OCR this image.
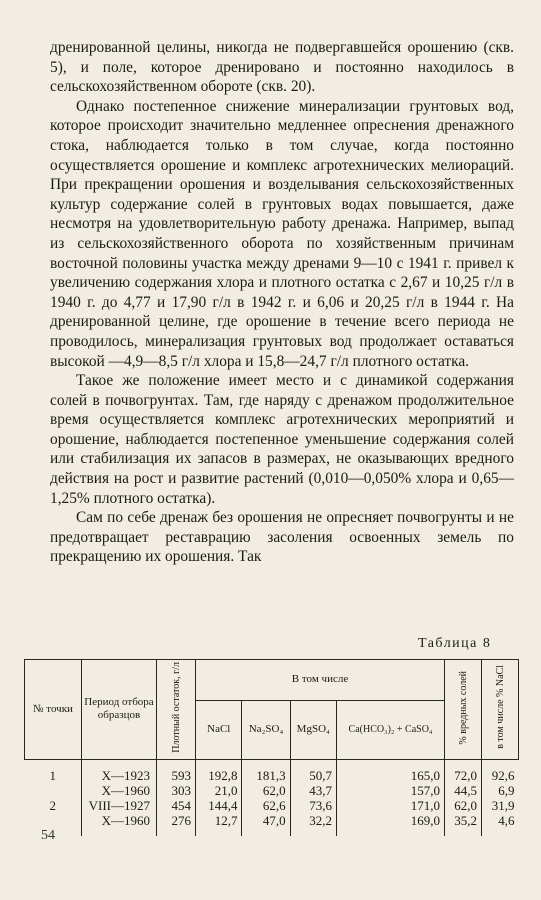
дренированной целины, никогда не подвергавшейся орошению (скв. 5), и поле, которое дренировано и постоянно находилось в сельскохозяйственном обороте (скв. 20).

Однако постепенное снижение минерализации грунтовых вод, которое происходит значительно медленнее опреснения дренажного стока, наблюдается только в том случае, когда постоянно осуществляется орошение и комплекс агротехнических мелиораций. При прекращении орошения и возделывания сельскохозяйственных культур содержание солей в грунтовых водах повышается, даже несмотря на удовлетворительную работу дренажа. Например, выпад из сельскохозяйственного оборота по хозяйственным причинам восточной половины участка между дренами 9—10 с 1941 г. привел к увеличению содержания хлора и плотного остатка с 2,67 и 10,25 г/л в 1940 г. до 4,77 и 17,90 г/л в 1942 г. и 6,06 и 20,25 г/л в 1944 г. На дренированной целине, где орошение в течение всего периода не проводилось, минерализация грунтовых вод продолжает оставаться высокой —4,9—8,5 г/л хлора и 15,8—24,7 г/л плотного остатка.

Такое же положение имеет место и с динамикой содержания солей в почвогрунтах. Там, где наряду с дренажом продолжительное время осуществляется комплекс агротехнических мероприятий и орошение, наблюдается постепенное уменьшение содержания солей или стабилизация их запасов в размерах, не оказывающих вредного действия на рост и развитие растений (0,010—0,050% хлора и 0,65—1,25% плотного остатка).

Сам по себе дренаж без орошения не опресняет почвогрунты и не предотвращает реставрацию засоления освоенных земель по прекращению их орошения. Так

Таблица 8
№ точки	Период отбора образцов	Плотный остаток, г/л	В том числе				% вредных солей	в том числе % NaCl
			NaCl	Na₂SO₄	MgSO₄	Ca(HCO₃)₂ + CaSO₄		
1	X—1923	593	192,8	181,3	50,7	165,0	72,0	92,6
	X—1960	303	21,0	62,0	43,7	157,0	44,5	6,9
2	VIII—1927	454	144,4	62,6	73,6	171,0	62,0	31,9
	X—1960	276	12,7	47,0	32,2	169,0	35,2	4,6
54
